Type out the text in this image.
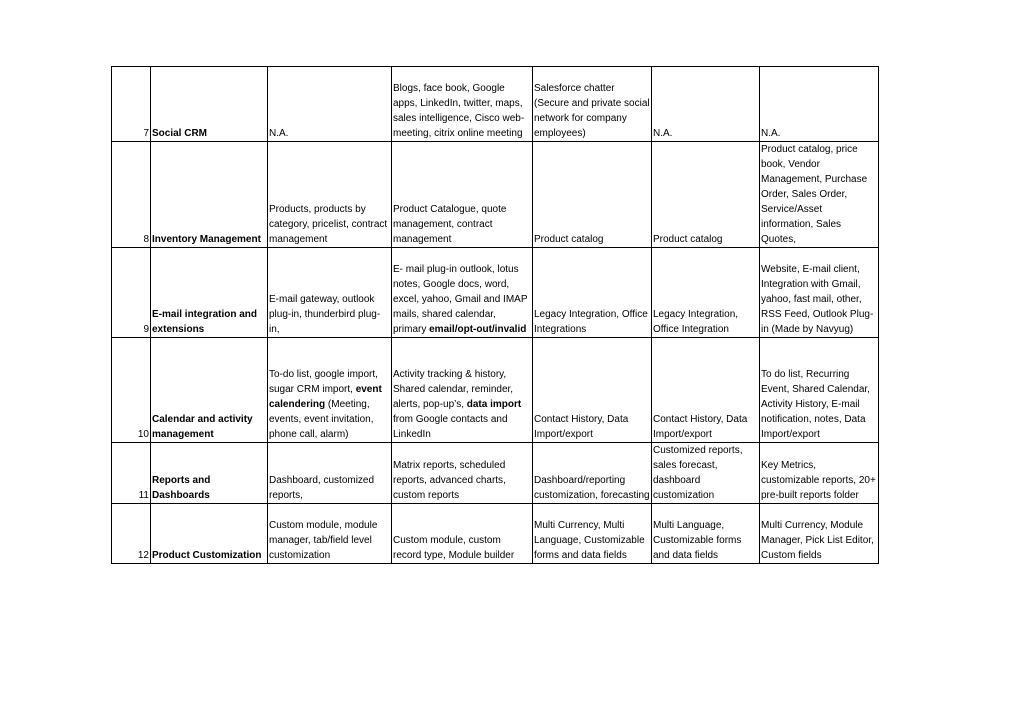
7	Social CRM	N.A.	Blogs, face book, Google apps, LinkedIn, twitter, maps, sales intelligence, Cisco web-meeting, citrix online meeting	Salesforce chatter (Secure and private social network for company employees)	N.A.	N.A.
8	Inventory Management	Products, products by category, pricelist, contract management	Product Catalogue, quote management, contract management	Product catalog	Product catalog	Product catalog, price book, Vendor Management, Purchase Order, Sales Order, Service/Asset information, Sales Quotes,
9	E-mail integration and extensions	E-mail gateway, outlook plug-in, thunderbird plug-in,	E- mail plug-in outlook, lotus notes, Google docs, word, excel, yahoo, Gmail and IMAP mails, shared calendar, primary email/opt-out/invalid	Legacy Integration, Office Integrations	Legacy Integration, Office Integration	Website, E-mail client, Integration with Gmail, yahoo, fast mail, other, RSS Feed, Outlook Plug-in (Made by Navyug)
10	Calendar and activity management	To-do list, google import, sugar CRM import, event calendering (Meeting, events, event invitation, phone call, alarm)	Activity tracking & history, Shared calendar, reminder, alerts, pop-up’s, data import from Google contacts and LinkedIn	Contact History, Data Import/export	Contact History, Data Import/export	To do list, Recurring Event, Shared Calendar, Activity History, E-mail notification, notes, Data Import/export
11	Reports and Dashboards	Dashboard, customized reports,	Matrix reports, scheduled reports, advanced charts, custom reports	Dashboard/reporting customization, forecasting	Customized reports, sales forecast, dashboard customization	Key Metrics, customizable reports, 20+ pre-built reports folder
12	Product Customization	Custom module, module manager, tab/field level customization	Custom module, custom record type, Module builder	Multi Currency, Multi Language, Customizable forms and data fields	Multi Language, Customizable forms and data fields	Multi Currency, Module Manager, Pick List Editor, Custom fields
